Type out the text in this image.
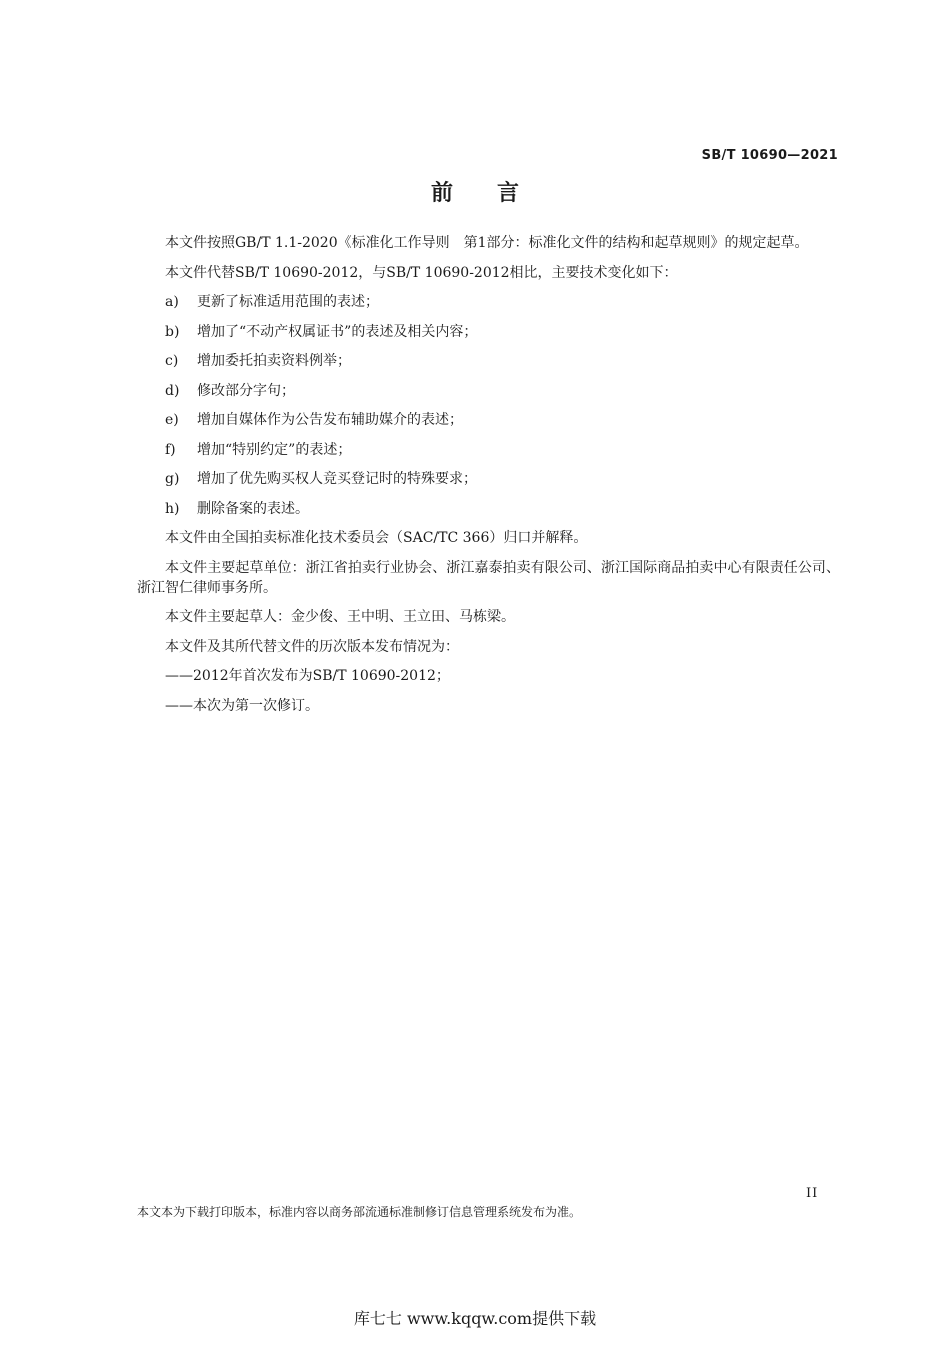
SB/T 10690—2021
前言

本文件按照GB/T 1.1-2020《标准化工作导则　第1部分：标准化文件的结构和起草规则》的规定起草。

本文件代替SB/T 10690-2012，与SB/T 10690-2012相比，主要技术变化如下：

a)	更新了标准适用范围的表述；
b)	增加了“不动产权属证书”的表述及相关内容；
c)	增加委托拍卖资料例举；
d)	修改部分字句；
e)	增加自媒体作为公告发布辅助媒介的表述；
f)	增加“特别约定”的表述；
g)	增加了优先购买权人竞买登记时的特殊要求；
h)	删除备案的表述。

本文件由全国拍卖标准化技术委员会（SAC/TC 366）归口并解释。

本文件主要起草单位：浙江省拍卖行业协会、浙江嘉泰拍卖有限公司、浙江国际商品拍卖中心有限责任公司、浙江智仁律师事务所。

本文件主要起草人：金少俊、王中明、王立田、马栋梁。

本文件及其所代替文件的历次版本发布情况为：

——2012年首次发布为SB/T 10690-2012；
——本次为第一次修订。
II
本文本为下载打印版本，标准内容以商务部流通标准制修订信息管理系统发布为准。
库七七 www.kqqw.com提供下载
